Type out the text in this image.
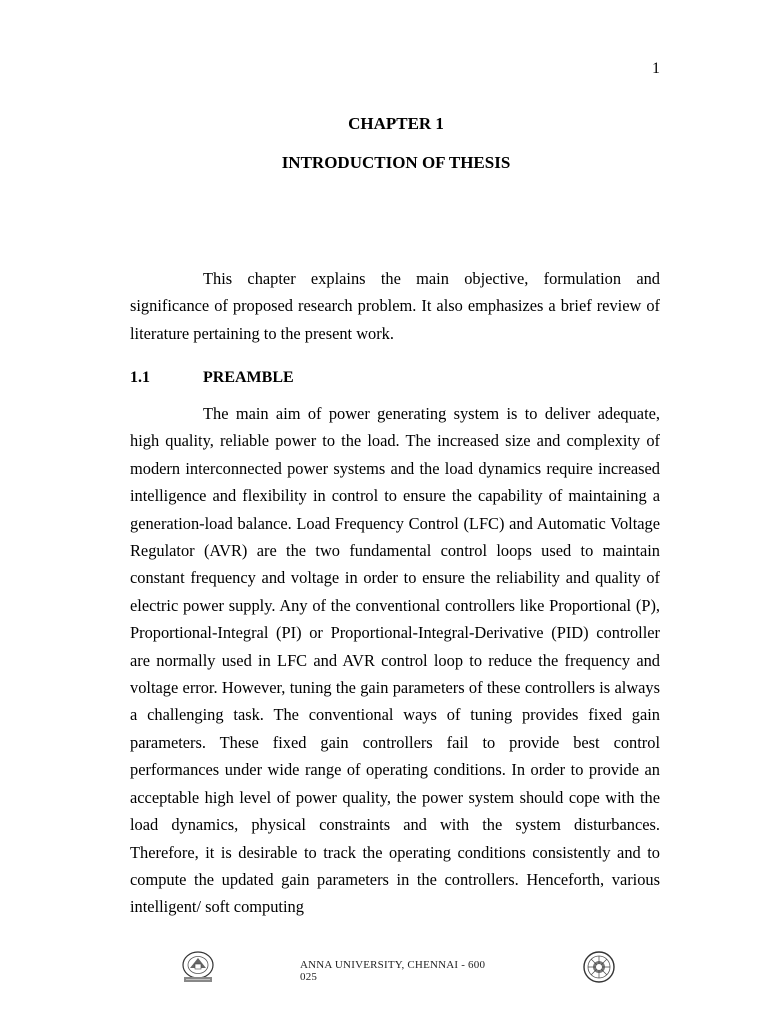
1
CHAPTER 1
INTRODUCTION OF THESIS

This chapter explains the main objective, formulation and significance of proposed research problem. It also emphasizes a brief review of literature pertaining to the present work.

1.1	PREAMBLE

The main aim of power generating system is to deliver adequate, high quality, reliable power to the load. The increased size and complexity of modern interconnected power systems and the load dynamics require increased intelligence and flexibility in control to ensure the capability of maintaining a generation-load balance. Load Frequency Control (LFC) and Automatic Voltage Regulator (AVR) are the two fundamental control loops used to maintain constant frequency and voltage in order to ensure the reliability and quality of electric power supply. Any of the conventional controllers like Proportional (P), Proportional-Integral (PI) or Proportional-Integral-Derivative (PID) controller are normally used in LFC and AVR control loop to reduce the frequency and voltage error. However, tuning the gain parameters of these controllers is always a challenging task. The conventional ways of tuning provides fixed gain parameters. These fixed gain controllers fail to provide best control performances under wide range of operating conditions. In order to provide an acceptable high level of power quality, the power system should cope with the load dynamics, physical constraints and with the system disturbances. Therefore, it is desirable to track the operating conditions consistently and to compute the updated gain parameters in the controllers. Henceforth, various intelligent/ soft computing

ANNA UNIVERSITY, CHENNAI - 600 025
